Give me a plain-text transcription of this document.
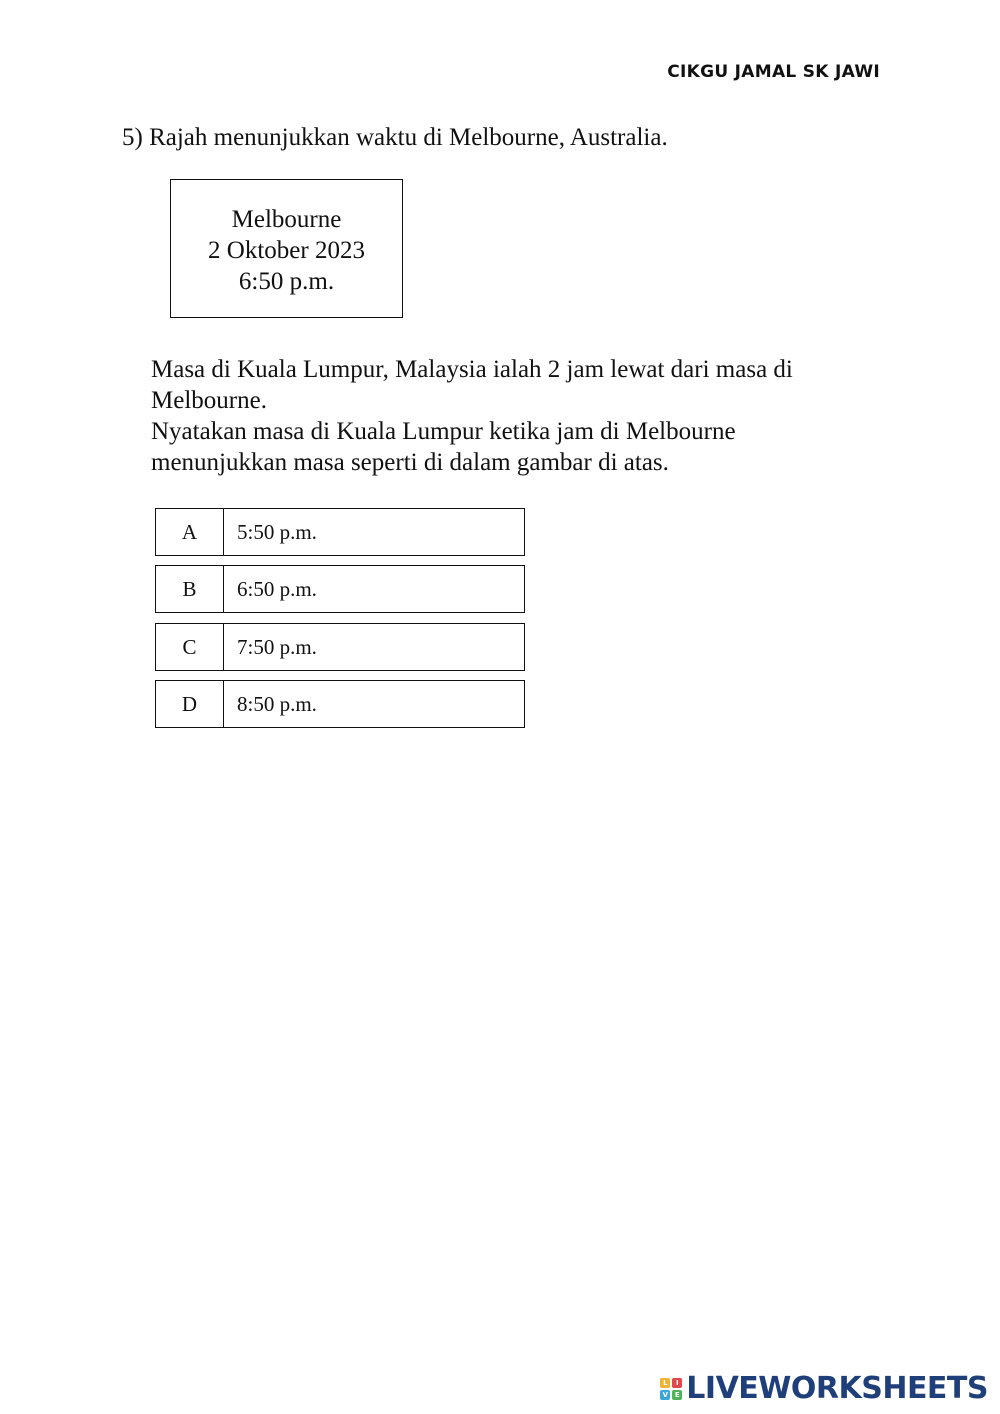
CIKGU JAMAL SK JAWI
5) Rajah menunjukkan waktu di Melbourne, Australia.
Melbourne
2 Oktober 2023
6:50 p.m.

Masa di Kuala Lumpur, Malaysia ialah 2 jam lewat dari masa di Melbourne.

Nyatakan masa di Kuala Lumpur ketika jam di Melbourne menunjukkan masa seperti di dalam gambar di atas.

A	5:50 p.m.
B	6:50 p.m.
C	7:50 p.m.
D	8:50 p.m.
L	I
V E LIVEWORKSHEETS
